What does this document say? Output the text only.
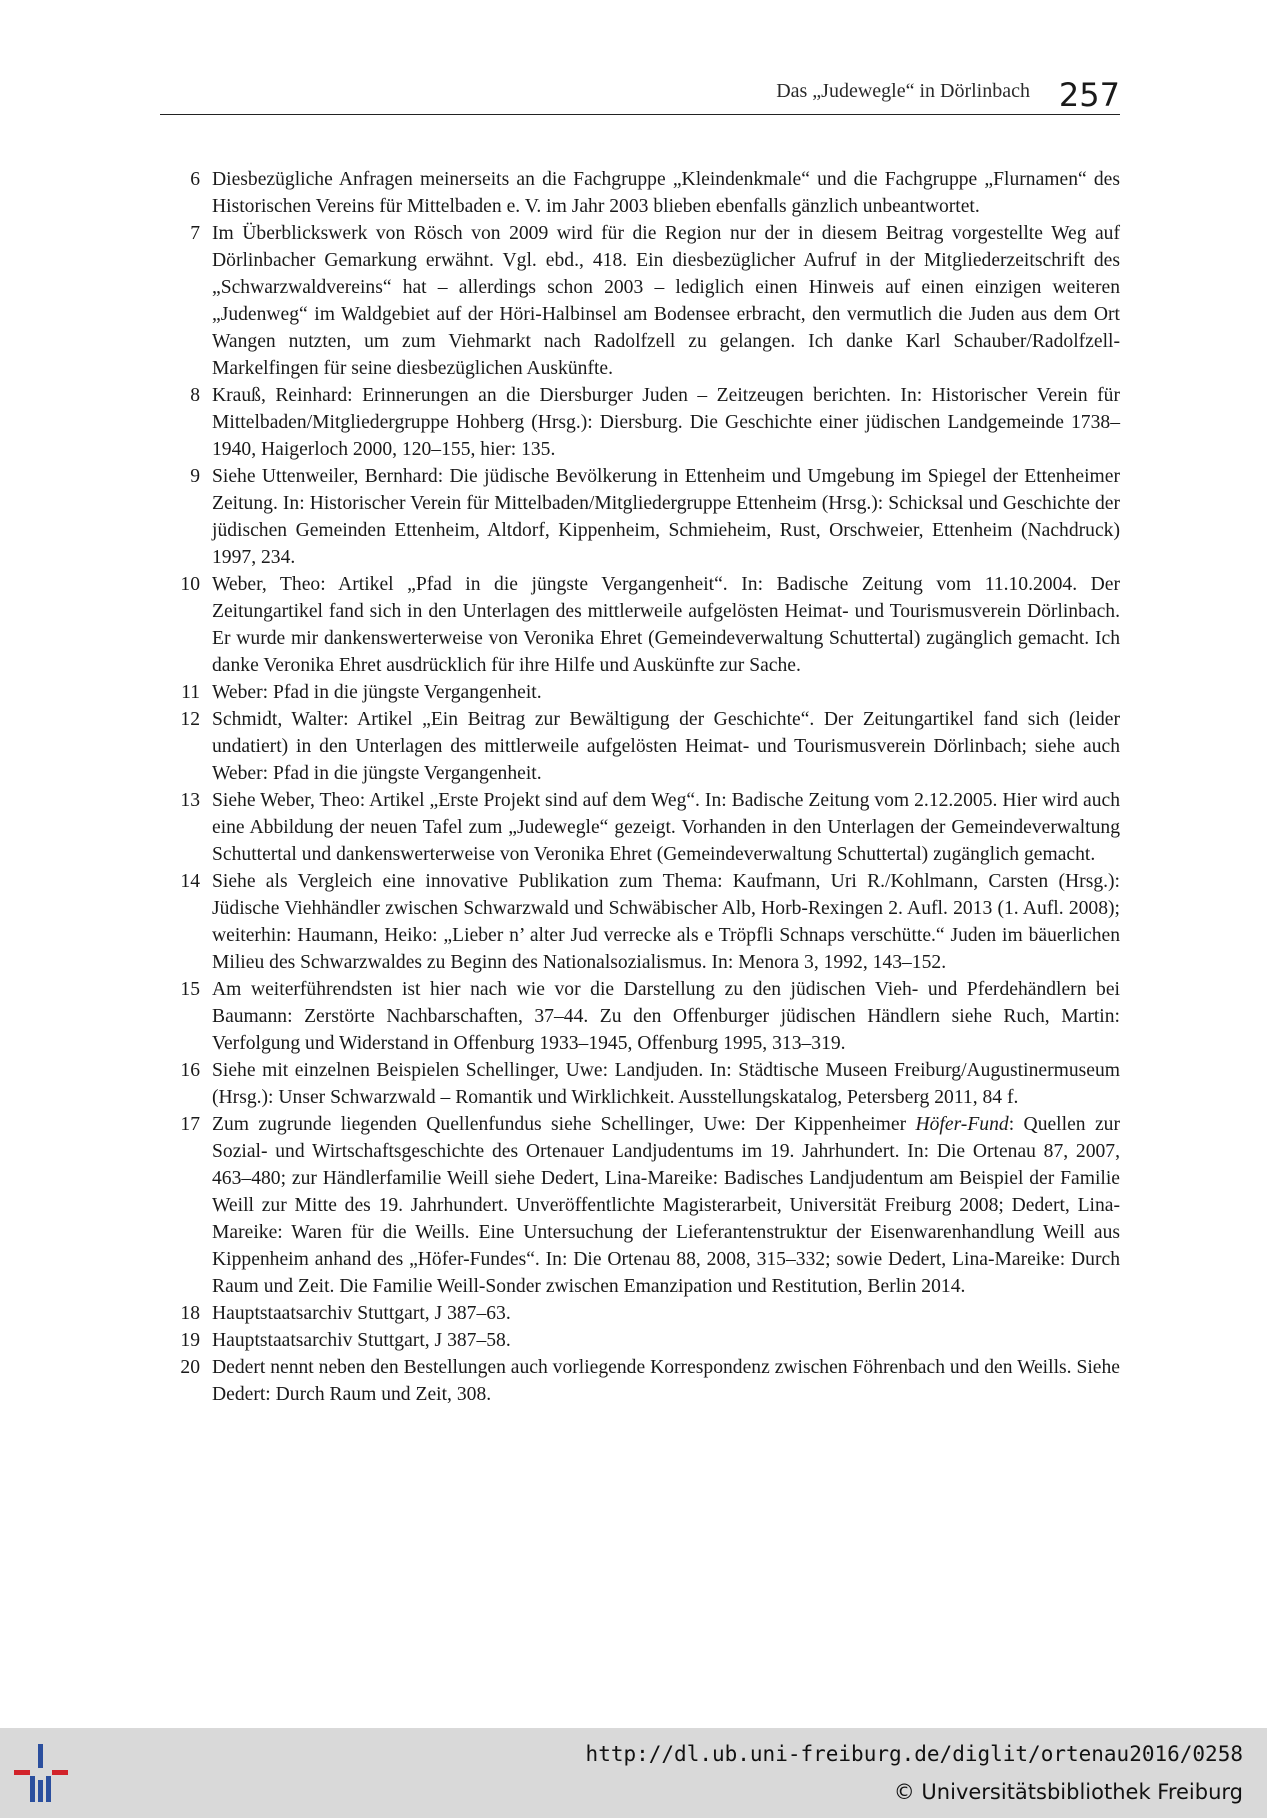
Das „Judewegle“ in Dörlinbach 257

6 Diesbezügliche Anfragen meinerseits an die Fachgruppe „Kleindenkmale“ und die Fachgruppe „Flurnamen“ des Historischen Vereins für Mittelbaden e. V. im Jahr 2003 blieben ebenfalls gänzlich unbeantwortet.

7 Im Überblickswerk von Rösch von 2009 wird für die Region nur der in diesem Beitrag vorgestellte Weg auf Dörlinbacher Gemarkung erwähnt. Vgl. ebd., 418. Ein diesbezüglicher Aufruf in der Mitgliederzeitschrift des „Schwarzwaldvereins“ hat – allerdings schon 2003 – lediglich einen Hinweis auf einen einzigen weiteren „Judenweg“ im Waldgebiet auf der Höri-Halbinsel am Bodensee erbracht, den vermutlich die Juden aus dem Ort Wangen nutzten, um zum Viehmarkt nach Radolfzell zu gelangen. Ich danke Karl Schauber/Radolfzell-Markelfingen für seine diesbezüglichen Auskünfte.

8 Krauß, Reinhard: Erinnerungen an die Diersburger Juden – Zeitzeugen berichten. In: Historischer Verein für Mittelbaden/Mitgliedergruppe Hohberg (Hrsg.): Diersburg. Die Geschichte einer jüdischen Landgemeinde 1738–1940, Haigerloch 2000, 120–155, hier: 135.

9 Siehe Uttenweiler, Bernhard: Die jüdische Bevölkerung in Ettenheim und Umgebung im Spiegel der Ettenheimer Zeitung. In: Historischer Verein für Mittelbaden/Mitgliedergruppe Ettenheim (Hrsg.): Schicksal und Geschichte der jüdischen Gemeinden Ettenheim, Altdorf, Kippenheim, Schmieheim, Rust, Orschweier, Ettenheim (Nachdruck) 1997, 234.

10 Weber, Theo: Artikel „Pfad in die jüngste Vergangenheit“. In: Badische Zeitung vom 11.10.2004. Der Zeitungartikel fand sich in den Unterlagen des mittlerweile aufgelösten Heimat- und Tourismusverein Dörlinbach. Er wurde mir dankenswerterweise von Veronika Ehret (Gemeindeverwaltung Schuttertal) zugänglich gemacht. Ich danke Veronika Ehret ausdrücklich für ihre Hilfe und Auskünfte zur Sache.

11 Weber: Pfad in die jüngste Vergangenheit.

12 Schmidt, Walter: Artikel „Ein Beitrag zur Bewältigung der Geschichte“. Der Zeitungartikel fand sich (leider undatiert) in den Unterlagen des mittlerweile aufgelösten Heimat- und Tourismusverein Dörlinbach; siehe auch Weber: Pfad in die jüngste Vergangenheit.

13 Siehe Weber, Theo: Artikel „Erste Projekt sind auf dem Weg“. In: Badische Zeitung vom 2.12.2005. Hier wird auch eine Abbildung der neuen Tafel zum „Judewegle“ gezeigt. Vorhanden in den Unterlagen der Gemeindeverwaltung Schuttertal und dankenswerterweise von Veronika Ehret (Gemeindeverwaltung Schuttertal) zugänglich gemacht.

14 Siehe als Vergleich eine innovative Publikation zum Thema: Kaufmann, Uri R./Kohlmann, Carsten (Hrsg.): Jüdische Viehhändler zwischen Schwarzwald und Schwäbischer Alb, Horb-Rexingen 2. Aufl. 2013 (1. Aufl. 2008); weiterhin: Haumann, Heiko: „Lieber n’ alter Jud verrecke als e Tröpfli Schnaps verschütte.“ Juden im bäuerlichen Milieu des Schwarzwaldes zu Beginn des Nationalsozialismus. In: Menora 3, 1992, 143–152.

15 Am weiterführendsten ist hier nach wie vor die Darstellung zu den jüdischen Vieh- und Pferdehändlern bei Baumann: Zerstörte Nachbarschaften, 37–44. Zu den Offenburger jüdischen Händlern siehe Ruch, Martin: Verfolgung und Widerstand in Offenburg 1933–1945, Offenburg 1995, 313–319.

16 Siehe mit einzelnen Beispielen Schellinger, Uwe: Landjuden. In: Städtische Museen Freiburg/Augustinermuseum (Hrsg.): Unser Schwarzwald – Romantik und Wirklichkeit. Ausstellungskatalog, Petersberg 2011, 84 f.

17 Zum zugrunde liegenden Quellenfundus siehe Schellinger, Uwe: Der Kippenheimer Höfer-Fund: Quellen zur Sozial- und Wirtschaftsgeschichte des Ortenauer Landjudentums im 19. Jahrhundert. In: Die Ortenau 87, 2007, 463–480; zur Händlerfamilie Weill siehe Dedert, Lina-Mareike: Badisches Landjudentum am Beispiel der Familie Weill zur Mitte des 19. Jahrhundert. Unveröffentlichte Magisterarbeit, Universität Freiburg 2008; Dedert, Lina-Mareike: Waren für die Weills. Eine Untersuchung der Lieferantenstruktur der Eisenwarenhandlung Weill aus Kippenheim anhand des „Höfer-Fundes“. In: Die Ortenau 88, 2008, 315–332; sowie Dedert, Lina-Mareike: Durch Raum und Zeit. Die Familie Weill-Sonder zwischen Emanzipation und Restitution, Berlin 2014.

18 Hauptstaatsarchiv Stuttgart, J 387–63.

19 Hauptstaatsarchiv Stuttgart, J 387–58.

20 Dedert nennt neben den Bestellungen auch vorliegende Korrespondenz zwischen Föhrenbach und den Weills. Siehe Dedert: Durch Raum und Zeit, 308.

http://dl.ub.uni-freiburg.de/diglit/ortenau2016/0258
© Universitätsbibliothek Freiburg
